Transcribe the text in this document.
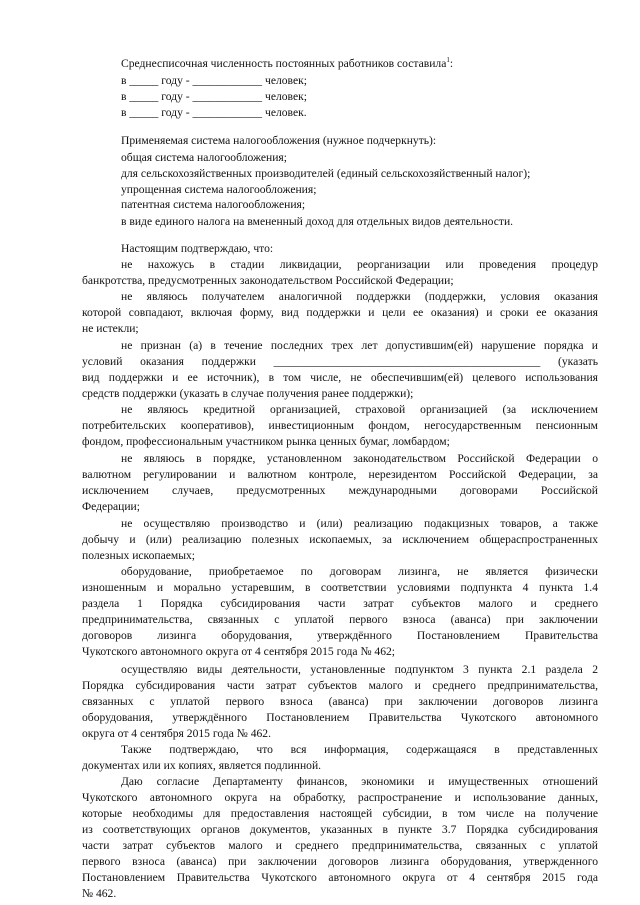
Среднесписочная численность постоянных работников составила$^1$:
в _____ году - ____________ человек;
в _____ году - ____________ человек;
в _____ году - ____________ человек.
Применяемая система налогообложения (нужное подчеркнуть):
общая система налогообложения;
для сельскохозяйственных производителей (единый сельскохозяйственный налог);
упрощенная система налогообложения;
патентная система налогообложения;
в виде единого налога на вмененный доход для отдельных видов деятельности.
Настоящим подтверждаю, что:
не нахожусь в стадии ликвидации, реорганизации или проведения процедур
банкротства, предусмотренных законодательством Российской Федерации;
не являюсь получателем аналогичной поддержки (поддержки, условия оказания
которой совпадают, включая форму, вид поддержки и цели ее оказания) и сроки ее оказания
не истекли;
не признан (а) в течение последних трех лет допустившим(ей) нарушение порядка и
условий оказания поддержки ______________________________________________ (указать
вид поддержки и ее источник), в том числе, не обеспечившим(ей) целевого использования
средств поддержки (указать в случае получения ранее поддержки);
не являюсь кредитной организацией, страховой организацией (за исключением
потребительских кооперативов), инвестиционным фондом, негосударственным пенсионным
фондом, профессиональным участником рынка ценных бумаг, ломбардом;
не являюсь в порядке, установленном законодательством Российской Федерации о
валютном регулировании и валютном контроле, нерезидентом Российской Федерации, за
исключением случаев, предусмотренных международными договорами Российской
Федерации;
не осуществляю производство и (или) реализацию подакцизных товаров, а также
добычу и (или) реализацию полезных ископаемых, за исключением общераспространенных
полезных ископаемых;
оборудование, приобретаемое по договорам лизинга, не является физически
изношенным и морально устаревшим, в соответствии условиями подпункта 4 пункта 1.4
раздела 1 Порядка субсидирования части затрат субъектов малого и среднего
предпринимательства, связанных с уплатой первого взноса (аванса) при заключении
договоров лизинга оборудования, утверждённого Постановлением Правительства
Чукотского автономного округа от 4 сентября 2015 года № 462;
осуществляю виды деятельности, установленные подпунктом 3 пункта 2.1 раздела 2
Порядка субсидирования части затрат субъектов малого и среднего предпринимательства,
связанных с уплатой первого взноса (аванса) при заключении договоров лизинга
оборудования, утверждённого Постановлением Правительства Чукотского автономного
округа от 4 сентября 2015 года № 462.
Также подтверждаю, что вся информация, содержащаяся в представленных
документах или их копиях, является подлинной.
Даю согласие Департаменту финансов, экономики и имущественных отношений
Чукотского автономного округа на обработку, распространение и использование данных,
которые необходимы для предоставления настоящей субсидии, в том числе на получение
из соответствующих органов документов, указанных в пункте 3.7 Порядка субсидирования
части затрат субъектов малого и среднего предпринимательства, связанных с уплатой
первого взноса (аванса) при заключении договоров лизинга оборудования, утвержденного
Постановлением Правительства Чукотского автономного округа от 4 сентября 2015 года
№ 462.
